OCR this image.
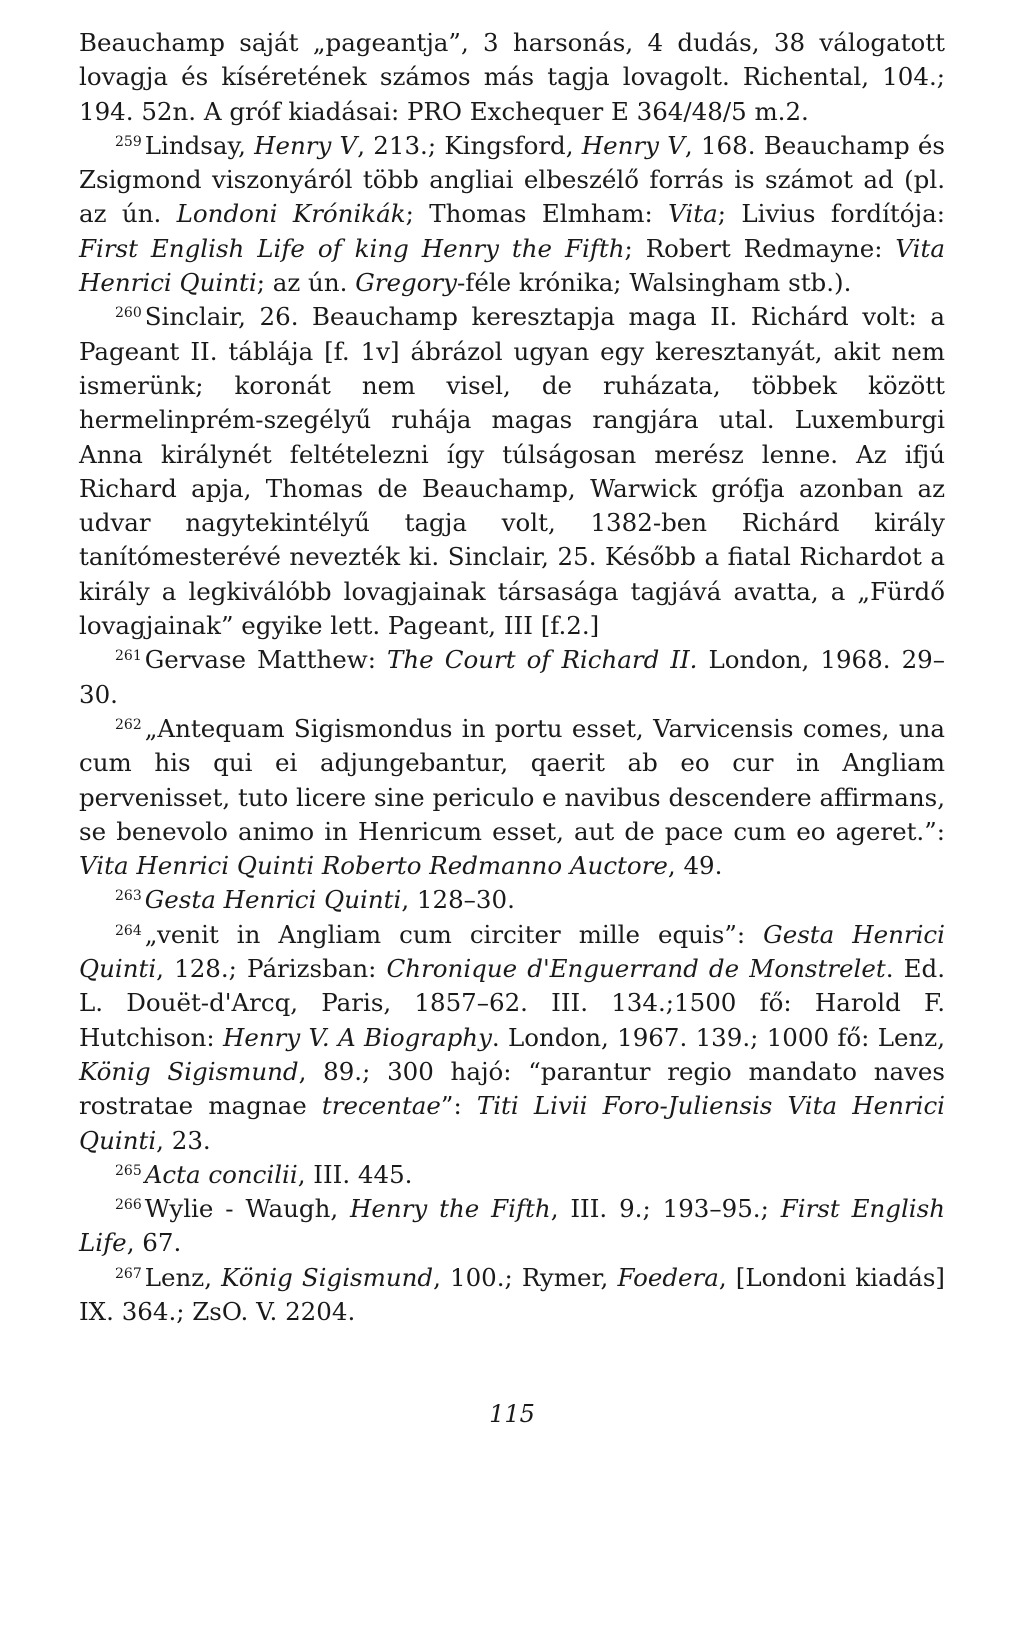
Beauchamp saját „pageantja”, 3 harsonás, 4 dudás, 38 válogatott lovagja és kíséretének számos más tagja lovagolt. Richental, 104.; 194. 52n. A gróf kiadásai: PRO Exchequer E 364/48/5 m.2.

$^{259}$ Lindsay, Henry V, 213.; Kingsford, Henry V, 168. Beauchamp és Zsigmond viszonyáról több angliai elbeszélő forrás is számot ad (pl. az ún. Londoni Krónikák; Thomas Elmham: Vita; Livius fordítója: First English Life of king Henry the Fifth; Robert Redmayne: Vita Henrici Quinti; az ún. Gregory-féle krónika; Walsingham stb.).

$^{260}$ Sinclair, 26. Beauchamp keresztapja maga II. Richárd volt: a Pageant II. táblája [f. 1v] ábrázol ugyan egy keresztanyát, akit nem ismerünk; koronát nem visel, de ruházata, többek között hermelinprém-szegélyű ruhája magas rangjára utal. Luxemburgi Anna királynét feltételezni így túlságosan merész lenne. Az ifjú Richard apja, Thomas de Beauchamp, Warwick grófja azonban az udvar nagytekintélyű tagja volt, 1382-ben Richárd király tanítómesterévé nevezték ki. Sinclair, 25. Később a fiatal Richardot a király a legkiválóbb lovagjainak társasága tagjává avatta, a „Fürdő lovagjainak” egyike lett. Pageant, III [f.2.]

$^{261}$ Gervase Matthew: The Court of Richard II. London, 1968. 29–30.

$^{262}$ „Antequam Sigismondus in portu esset, Varvicensis comes, una cum his qui ei adjungebantur, qaerit ab eo cur in Angliam pervenisset, tuto licere sine periculo e navibus descendere affirmans, se benevolo animo in Henricum esset, aut de pace cum eo ageret.”: Vita Henrici Quinti Roberto Redmanno Auctore, 49.

$^{263}$ Gesta Henrici Quinti, 128–30.

$^{264}$ „venit in Angliam cum circiter mille equis”: Gesta Henrici Quinti, 128.; Párizsban: Chronique d'Enguerrand de Monstrelet. Ed. L. Douët-d'Arcq, Paris, 1857–62. III. 134.;1500 fő: Harold F. Hutchison: Henry V. A Biography. London, 1967. 139.; 1000 fő: Lenz, König Sigismund, 89.; 300 hajó: “parantur regio mandato naves rostratae magnae trecentae”: Titi Livii Foro-Juliensis Vita Henrici Quinti, 23.

$^{265}$ Acta concilii, III. 445.

$^{266}$ Wylie - Waugh, Henry the Fifth, III. 9.; 193–95.; First English Life, 67.

$^{267}$ Lenz, König Sigismund, 100.; Rymer, Foedera, [Londoni kiadás] IX. 364.; ZsO. V. 2204.

115
